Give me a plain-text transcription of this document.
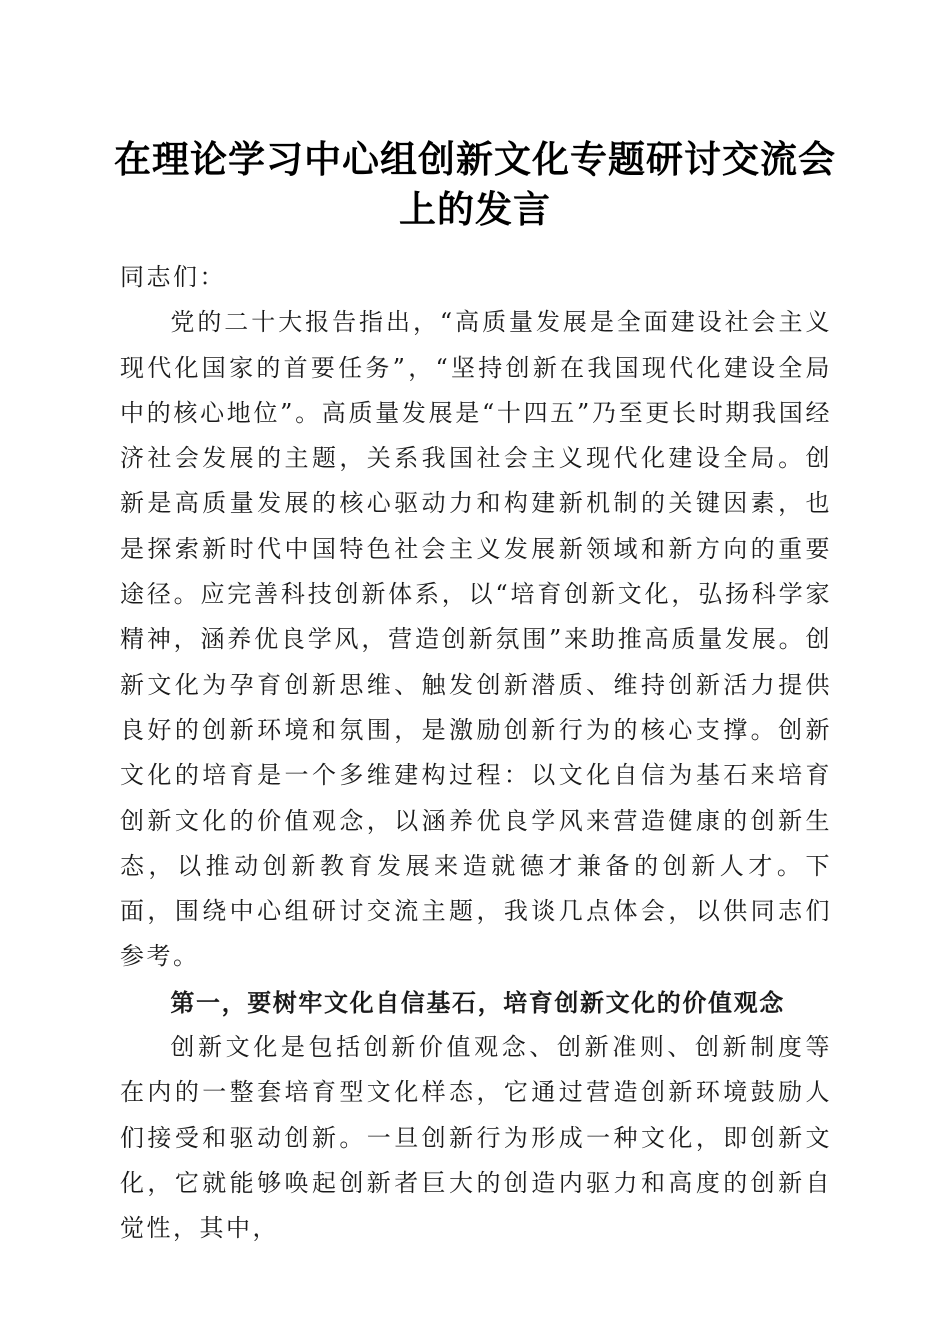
在理论学习中心组创新文化专题研讨交流会上的发言

同志们：

党的二十大报告指出，“高质量发展是全面建设社会主义现代化国家的首要任务”，“坚持创新在我国现代化建设全局中的核心地位”。高质量发展是“十四五”乃至更长时期我国经济社会发展的主题，关系我国社会主义现代化建设全局。创新是高质量发展的核心驱动力和构建新机制的关键因素，也是探索新时代中国特色社会主义发展新领域和新方向的重要途径。应完善科技创新体系，以“培育创新文化，弘扬科学家精神，涵养优良学风，营造创新氛围”来助推高质量发展。创新文化为孕育创新思维、触发创新潜质、维持创新活力提供良好的创新环境和氛围，是激励创新行为的核心支撑。创新文化的培育是一个多维建构过程：以文化自信为基石来培育创新文化的价值观念，以涵养优良学风来营造健康的创新生态，以推动创新教育发展来造就德才兼备的创新人才。下面，围绕中心组研讨交流主题，我谈几点体会，以供同志们参考。

第一，要树牢文化自信基石，培育创新文化的价值观念

创新文化是包括创新价值观念、创新准则、创新制度等在内的一整套培育型文化样态，它通过营造创新环境鼓励人们接受和驱动创新。一旦创新行为形成一种文化，即创新文化，它就能够唤起创新者巨大的创造内驱力和高度的创新自觉性，其中，
